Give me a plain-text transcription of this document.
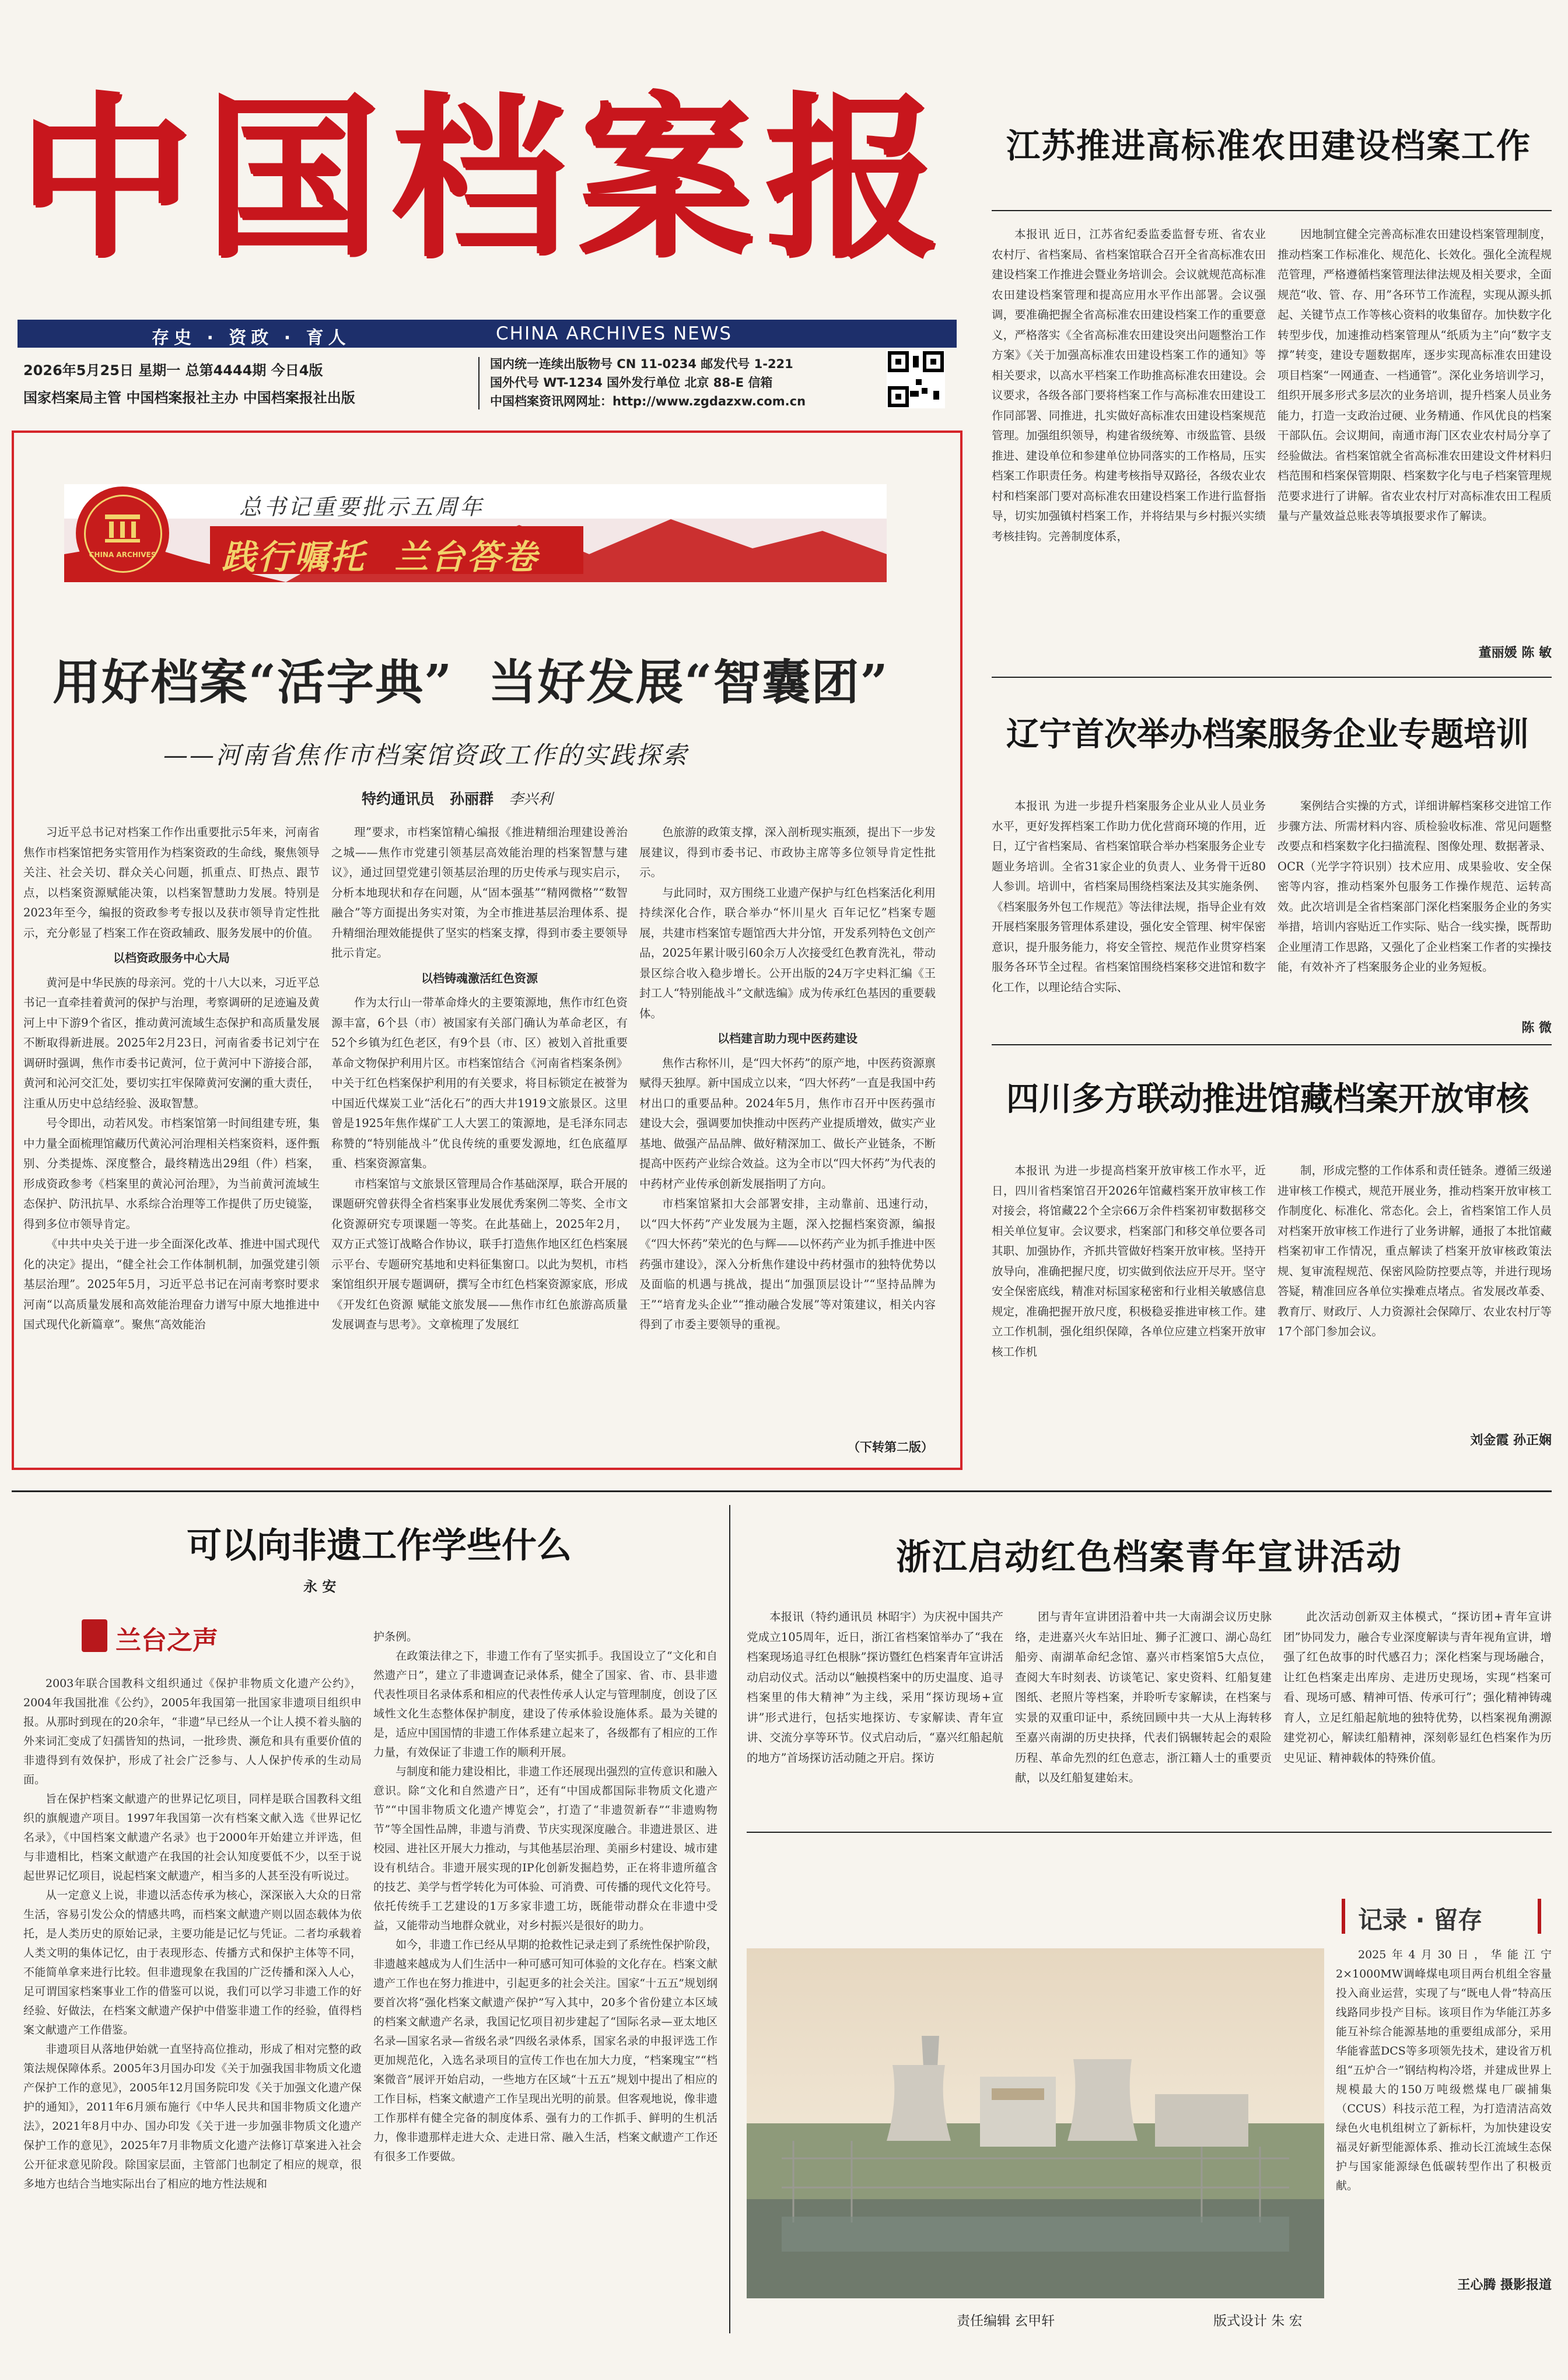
中国档案报
存史 · 资政 · 育人	CHINA ARCHIVES NEWS
2026年5月25日 星期一 总第4444期 今日4版
国家档案局主管 中国档案报社主办 中国档案报社出版
国内统一连续出版物号 CN 11-0234 邮发代号 1-221
国外代号 WT-1234 国外发行单位 北京 88-E 信箱
中国档案资讯网网址：http://www.zgdazxw.com.cn
江苏推进高标准农田建设档案工作

本报讯 近日，江苏省纪委监委监督专班、省农业农村厅、省档案局、省档案馆联合召开全省高标准农田建设档案工作推进会暨业务培训会。会议就规范高标准农田建设档案管理和提高应用水平作出部署。会议强调，要准确把握全省高标准农田建设档案工作的重要意义，严格落实《全省高标准农田建设突出问题整治工作方案》《关于加强高标准农田建设档案工作的通知》等相关要求，以高水平档案工作助推高标准农田建设。会议要求，各级各部门要将档案工作与高标准农田建设工作同部署、同推进，扎实做好高标准农田建设档案规范管理。加强组织领导，构建省级统筹、市级监管、县级推进、建设单位和参建单位协同落实的工作格局，压实档案工作职责任务。构建考核指导双路径，各级农业农村和档案部门要对高标准农田建设档案工作进行监督指导，切实加强镇村档案工作，并将结果与乡村振兴实绩考核挂钩。完善制度体系，

因地制宜健全完善高标准农田建设档案管理制度，推动档案工作标准化、规范化、长效化。强化全流程规范管理，严格遵循档案管理法律法规及相关要求，全面规范“收、管、存、用”各环节工作流程，实现从源头抓起、关键节点工作等核心资料的收集留存。加快数字化转型步伐，加速推动档案管理从“纸质为主”向“数字支撑”转变，建设专题数据库，逐步实现高标准农田建设项目档案“一网通查、一档通管”。深化业务培训学习，组织开展多形式多层次的业务培训，提升档案人员业务能力，打造一支政治过硬、业务精通、作风优良的档案干部队伍。会议期间，南通市海门区农业农村局分享了经验做法。省档案馆就全省高标准农田建设文件材料归档范围和档案保管期限、档案数字化与电子档案管理规范要求进行了讲解。省农业农村厅对高标准农田工程质量与产量效益总账表等填报要求作了解读。

董丽媛 陈 敏
辽宁首次举办档案服务企业专题培训

本报讯 为进一步提升档案服务企业从业人员业务水平，更好发挥档案工作助力优化营商环境的作用，近日，辽宁省档案局、省档案馆联合举办档案服务企业专题业务培训。全省31家企业的负责人、业务骨干近80人参训。培训中，省档案局围绕档案法及其实施条例、《档案服务外包工作规范》等法律法规，指导企业有效开展档案服务管理体系建设，强化安全管理、树牢保密意识，提升服务能力，将安全管控、规范作业贯穿档案服务各环节全过程。省档案馆围绕档案移交进馆和数字化工作，以理论结合实际、

案例结合实操的方式，详细讲解档案移交进馆工作步骤方法、所需材料内容、质检验收标准、常见问题整改要点和档案数字化扫描流程、图像处理、数据著录、OCR（光学字符识别）技术应用、成果验收、安全保密等内容，推动档案外包服务工作操作规范、运转高效。此次培训是全省档案部门深化档案服务企业的务实举措，培训内容贴近工作实际、贴合一线实操，既帮助企业厘清工作思路，又强化了企业档案工作者的实操技能，有效补齐了档案服务企业的业务短板。

陈 微
四川多方联动推进馆藏档案开放审核

本报讯 为进一步提高档案开放审核工作水平，近日，四川省档案馆召开2026年馆藏档案开放审核工作对接会，将馆藏22个全宗66万余件档案初审数据移交相关单位复审。会议要求，档案部门和移交单位要各司其职、加强协作，齐抓共管做好档案开放审核。坚持开放导向，准确把握尺度，切实做到依法应开尽开。坚守安全保密底线，精准对标国家秘密和行业相关敏感信息规定，准确把握开放尺度，积极稳妥推进审核工作。建立工作机制，强化组织保障，各单位应建立档案开放审核工作机

制，形成完整的工作体系和责任链条。遵循三级递进审核工作模式，规范开展业务，推动档案开放审核工作制度化、标准化、常态化。会上，省档案馆工作人员对档案开放审核工作进行了业务讲解，通报了本批馆藏档案初审工作情况，重点解读了档案开放审核政策法规、复审流程规范、保密风险防控要点等，并进行现场答疑，精准回应各单位实操难点堵点。省发展改革委、教育厅、财政厅、人力资源社会保障厅、农业农村厅等17个部门参加会议。

刘金霞 孙正娴
CHINA ARCHIVES
总书记重要批示五周年
践行嘱托  兰台答卷
用好档案“活字典”  当好发展“智囊团”
——河南省焦作市档案馆资政工作的实践探索
特约通讯员 孙丽群 李兴利

习近平总书记对档案工作作出重要批示5年来，河南省焦作市档案馆把务实管用作为档案资政的生命线，聚焦领导关注、社会关切、群众关心问题，抓重点、盯热点、跟节点，以档案资源赋能决策，以档案智慧助力发展。特别是2023年至今，编报的资政参考专报以及获市领导肯定性批示，充分彰显了档案工作在资政辅政、服务发展中的价值。

以档资政服务中心大局

黄河是中华民族的母亲河。党的十八大以来，习近平总书记一直牵挂着黄河的保护与治理，考察调研的足迹遍及黄河上中下游9个省区，推动黄河流域生态保护和高质量发展不断取得新进展。2025年2月23日，河南省委书记刘宁在调研时强调，焦作市委书记黄河，位于黄河中下游接合部，黄河和沁河交汇处，要切实扛牢保障黄河安澜的重大责任，注重从历史中总结经验、汲取智慧。

号令即出，动若风发。市档案馆第一时间组建专班，集中力量全面梳理馆藏历代黄沁河治理相关档案资料，逐件甄别、分类提炼、深度整合，最终精选出29组（件）档案，形成资政参考《档案里的黄沁河治理》，为当前黄河流域生态保护、防汛抗旱、水系综合治理等工作提供了历史镜鉴，得到多位市领导肯定。

《中共中央关于进一步全面深化改革、推进中国式现代化的决定》提出，“健全社会工作体制机制，加强党建引领基层治理”。2025年5月，习近平总书记在河南考察时要求河南“以高质量发展和高效能治理奋力谱写中原大地推进中国式现代化新篇章”。聚焦“高效能治

理”要求，市档案馆精心编报《推进精细治理建设善治之城——焦作市党建引领基层高效能治理的档案智慧与建议》，通过回望党建引领基层治理的历史传承与现实启示，分析本地现状和存在问题，从“固本强基”“精网微格”“数智融合”等方面提出务实对策，为全市推进基层治理体系、提升精细治理效能提供了坚实的档案支撑，得到市委主要领导批示肯定。

以档铸魂激活红色资源

作为太行山一带革命烽火的主要策源地，焦作市红色资源丰富，6个县（市）被国家有关部门确认为革命老区，有52个乡镇为红色老区，有9个县（市、区）被划入首批重要革命文物保护利用片区。市档案馆结合《河南省档案条例》中关于红色档案保护利用的有关要求，将目标锁定在被誉为中国近代煤炭工业“活化石”的西大井1919文旅景区。这里曾是1925年焦作煤矿工人大罢工的策源地，是毛泽东同志称赞的“特别能战斗”优良传统的重要发源地，红色底蕴厚重、档案资源富集。

市档案馆与文旅景区管理局合作基础深厚，联合开展的课题研究曾获得全省档案事业发展优秀案例二等奖、全市文化资源研究专项课题一等奖。在此基础上，2025年2月，双方正式签订战略合作协议，联手打造焦作地区红色档案展示平台、专题研究基地和史料征集窗口。以此为契机，市档案馆组织开展专题调研，撰写全市红色档案资源家底，形成《开发红色资源 赋能文旅发展——焦作市红色旅游高质量发展调查与思考》。文章梳理了发展红

色旅游的政策支撑，深入剖析现实瓶颈，提出下一步发展建议，得到市委书记、市政协主席等多位领导肯定性批示。

与此同时，双方围绕工业遗产保护与红色档案活化利用持续深化合作，联合举办“怀川星火 百年记忆”档案专题展，共建市档案馆专题馆西大井分馆，开发系列特色文创产品，2025年累计吸引60余万人次接受红色教育洗礼，带动景区综合收入稳步增长。公开出版的24万字史料汇编《王封工人“特别能战斗”文献选编》成为传承红色基因的重要载体。

以档建言助力现中医药建设

焦作古称怀川，是“四大怀药”的原产地，中医药资源禀赋得天独厚。新中国成立以来，“四大怀药”一直是我国中药材出口的重要品种。2024年5月，焦作市召开中医药强市建设大会，强调要加快推动中医药产业提质增效，做实产业基地、做强产品品牌、做好精深加工、做长产业链条，不断提高中医药产业综合效益。这为全市以“四大怀药”为代表的中药材产业传承创新发展指明了方向。

市档案馆紧扣大会部署安排，主动靠前、迅速行动，以“四大怀药”产业发展为主题，深入挖掘档案资源，编报《“四大怀药”荣光的色与辉——以怀药产业为抓手推进中医药强市建设》，深入分析焦作建设中药材强市的独特优势以及面临的机遇与挑战，提出“加强顶层设计”“坚持品牌为王”“培育龙头企业”“推动融合发展”等对策建议，相关内容得到了市委主要领导的重视。

（下转第二版）
可以向非遗工作学些什么
永 安
兰台之声

2003年联合国教科文组织通过《保护非物质文化遗产公约》，2004年我国批准《公约》，2005年我国第一批国家非遗项目组织申报。从那时到现在的20余年，“非遗”早已经从一个让人摸不着头脑的外来词汇变成了妇孺皆知的热词，一批珍贵、濒危和具有重要价值的非遗得到有效保护，形成了社会广泛参与、人人保护传承的生动局面。

旨在保护档案文献遗产的世界记忆项目，同样是联合国教科文组织的旗舰遗产项目。1997年我国第一次有档案文献入选《世界记忆名录》，《中国档案文献遗产名录》也于2000年开始建立并评选，但与非遗相比，档案文献遗产在我国的社会认知度要低不少，以至于说起世界记忆项目，说起档案文献遗产，相当多的人甚至没有听说过。

从一定意义上说，非遗以活态传承为核心，深深嵌入大众的日常生活，容易引发公众的情感共鸣，而档案文献遗产则以固态载体为依托，是人类历史的原始记录，主要功能是记忆与凭证。二者均承载着人类文明的集体记忆，由于表现形态、传播方式和保护主体等不同，不能简单拿来进行比较。但非遗现象在我国的广泛传播和深入人心，足可谓国家档案事业工作的借鉴可以说，我们可以学习非遗工作的好经验、好做法，在档案文献遗产保护中借鉴非遗工作的经验，值得档案文献遗产工作借鉴。

非遗项目从落地伊始就一直坚持高位推动，形成了相对完整的政策法规保障体系。2005年3月国办印发《关于加强我国非物质文化遗产保护工作的意见》，2005年12月国务院印发《关于加强文化遗产保护的通知》，2011年6月颁布施行《中华人民共和国非物质文化遗产法》，2021年8月中办、国办印发《关于进一步加强非物质文化遗产保护工作的意见》，2025年7月非物质文化遗产法修订草案进入社会公开征求意见阶段。除国家层面，主管部门也制定了相应的规章，很多地方也结合当地实际出台了相应的地方性法规和

护条例。

在政策法律之下，非遗工作有了坚实抓手。我国设立了“文化和自然遗产日”，建立了非遗调查记录体系，健全了国家、省、市、县非遗代表性项目名录体系和相应的代表性传承人认定与管理制度，创设了区域性文化生态整体保护制度，建设了传承体验设施体系。最为关键的是，适应中国国情的非遗工作体系建立起来了，各级都有了相应的工作力量，有效保证了非遗工作的顺利开展。

与制度和能力建设相比，非遗工作还展现出强烈的宣传意识和融入意识。除“文化和自然遗产日”，还有“中国成都国际非物质文化遗产节”“中国非物质文化遗产博览会”，打造了“非遗贺新春”“非遗购物节”等全国性品牌，非遗与消费、节庆实现深度融合。非遗进景区、进校园、进社区开展大力推动，与其他基层治理、美丽乡村建设、城市建设有机结合。非遗开展实现的IP化创新发掘趋势，正在将非遗所蕴含的技艺、美学与哲学转化为可体验、可消费、可传播的现代文化符号。依托传统手工艺建设的1万多家非遗工坊，既能带动群众在非遗中受益，又能带动当地群众就业，对乡村振兴是很好的助力。

如今，非遗工作已经从早期的抢救性记录走到了系统性保护阶段，非遗越来越成为人们生活中一种可感可知可体验的文化存在。档案文献遗产工作也在努力推进中，引起更多的社会关注。国家“十五五”规划纲要首次将“强化档案文献遗产保护”写入其中，20多个省份建立本区域的档案文献遗产名录，我国记忆项目初步建起了“国际名录—亚太地区名录—国家名录—省级名录”四级名录体系，国家名录的申报评选工作更加规范化，入选名录项目的宣传工作也在加大力度，“档案瑰宝”“档案微音”展评开始启动，一些地方在区域“十五五”规划中提出了相应的工作目标，档案文献遗产工作呈现出光明的前景。但客观地说，像非遗工作那样有健全完备的制度体系、强有力的工作抓手、鲜明的生机活力，像非遗那样走进大众、走进日常、融入生活，档案文献遗产工作还有很多工作要做。

浙江启动红色档案青年宣讲活动

本报讯（特约通讯员 林昭宇）为庆祝中国共产党成立105周年，近日，浙江省档案馆举办了“我在档案现场追寻红色根脉”探访暨红色档案青年宣讲活动启动仪式。活动以“触摸档案中的历史温度、追寻档案里的伟大精神”为主线，采用“探访现场+宣讲”形式进行，包括实地探访、专家解读、青年宣讲、交流分享等环节。仪式启动后，“嘉兴红船起航的地方”首场探访活动随之开启。探访

团与青年宣讲团沿着中共一大南湖会议历史脉络，走进嘉兴火车站旧址、狮子汇渡口、湖心岛红船旁、南湖革命纪念馆、嘉兴市档案馆5大点位，查阅大车时刻表、访谈笔记、家史资料、红船复建图纸、老照片等档案，并聆听专家解读，在档案与实景的双重印证中，系统回顾中共一大从上海转移至嘉兴南湖的历史抉择，代表们锅辗转起会的艰险历程、革命先烈的红色意志，浙江籍人士的重要贡献，以及红船复建始末。

此次活动创新双主体模式，“探访团+青年宣讲团”协同发力，融合专业深度解读与青年视角宣讲，增强了红色故事的时代感召力；深化档案与现场融合，让红色档案走出库房、走进历史现场，实现“档案可看、现场可感、精神可悟、传承可行”；强化精神铸魂育人，立足红船起航地的独特优势，以档案视角溯源建党初心，解读红船精神，深刻彰显红色档案作为历史见证、精神载体的特殊价值。

记录 · 留存

2025年4月30日，华能江宁2×1000MW调峰煤电项目两台机组全容量投入商业运营，实现了与“既电人骨”特高压线路同步投产目标。该项目作为华能江苏多能互补综合能源基地的重要组成部分，采用华能睿蓝DCS等多项领先技术，建设省万机组“五炉合一”钢结构构冷塔，并建成世界上规模最大的150万吨级燃煤电厂碳捕集（CCUS）科技示范工程，为打造清洁高效绿色火电机组树立了新标杆，为加快建设安福灵好新型能源体系、推动长江流域生态保护与国家能源绿色低碳转型作出了积极贡献。

王心腾 摄影报道
责任编辑 玄甲轩	版式设计 朱 宏
